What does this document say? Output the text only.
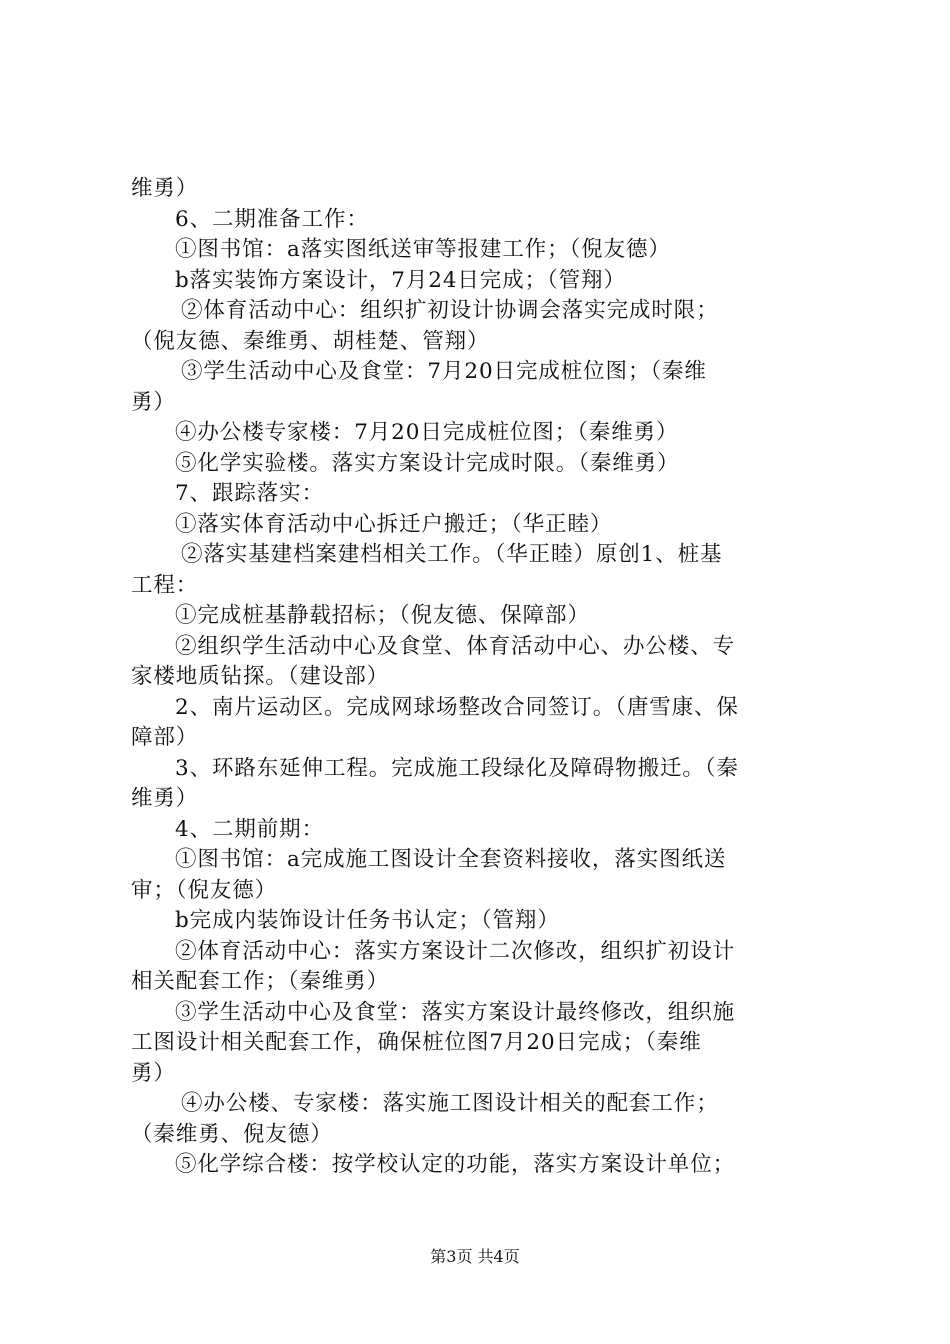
维勇）
6、二期准备工作：
①图书馆：a落实图纸送审等报建工作；（倪友德）
b落实装饰方案设计，7月24日完成；（管翔）
②体育活动中心：组织扩初设计协调会落实完成时限；
（倪友德、秦维勇、胡桂楚、管翔）
③学生活动中心及食堂：7月20日完成桩位图；（秦维
勇）
④办公楼专家楼：7月20日完成桩位图；（秦维勇）
⑤化学实验楼。落实方案设计完成时限。（秦维勇）
7、跟踪落实：
①落实体育活动中心拆迁户搬迁；（华正睦）
②落实基建档案建档相关工作。（华正睦）原创1、桩基
工程：
①完成桩基静载招标；（倪友德、保障部）
②组织学生活动中心及食堂、体育活动中心、办公楼、专
家楼地质钻探。（建设部）
2、南片运动区。完成网球场整改合同签订。（唐雪康、保
障部）
3、环路东延伸工程。完成施工段绿化及障碍物搬迁。（秦
维勇）
4、二期前期：
①图书馆：a完成施工图设计全套资料接收，落实图纸送
审；（倪友德）
b完成内装饰设计任务书认定；（管翔）
②体育活动中心：落实方案设计二次修改，组织扩初设计
相关配套工作；（秦维勇）
③学生活动中心及食堂：落实方案设计最终修改，组织施
工图设计相关配套工作，确保桩位图7月20日完成；（秦维
勇）
④办公楼、专家楼：落实施工图设计相关的配套工作；
（秦维勇、倪友德）
⑤化学综合楼：按学校认定的功能，落实方案设计单位；
第3页 共4页
